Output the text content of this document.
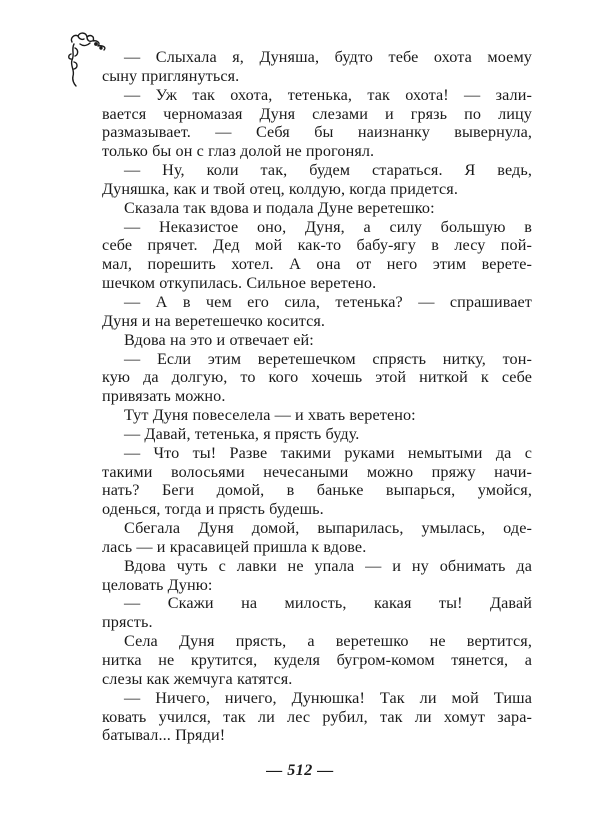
— Слыхала я, Дуняша, будто тебе охота моему
сыну приглянуться.
— Уж так охота, тетенька, так охота! — зали-
вается черномазая Дуня слезами и грязь по лицу
размазывает. — Себя бы наизнанку вывернула,
только бы он с глаз долой не прогонял.
— Ну, коли так, будем стараться. Я ведь,
Дуняшка, как и твой отец, колдую, когда придется.
Сказала так вдова и подала Дуне веретешко:
— Неказистое оно, Дуня, а силу большую в
себе прячет. Дед мой как-то бабу-ягу в лесу пой-
мал, порешить хотел. А она от него этим верете-
шечком откупилась. Сильное веретено.
— А в чем его сила, тетенька? — спрашивает
Дуня и на веретешечко косится.
Вдова на это и отвечает ей:
— Если этим веретешечком спрясть нитку, тон-
кую да долгую, то кого хочешь этой ниткой к себе
привязать можно.
Тут Дуня повеселела — и хвать веретено:
— Давай, тетенька, я прясть буду.
— Что ты! Разве такими руками немытыми да с
такими волосьями нечесаными можно пряжу начи-
нать? Беги домой, в баньке выпарься, умойся,
оденься, тогда и прясть будешь.
Сбегала Дуня домой, выпарилась, умылась, оде-
лась — и красавицей пришла к вдове.
Вдова чуть с лавки не упала — и ну обнимать да
целовать Дуню:
— Скажи на милость, какая ты! Давай
прясть.
Села Дуня прясть, а веретешко не вертится,
нитка не крутится, куделя бугром-комом тянется, а
слезы как жемчуга катятся.
— Ничего, ничего, Дунюшка! Так ли мой Тиша
ковать учился, так ли лес рубил, так ли хомут зара-
батывал... Пряди!
— 512 —
